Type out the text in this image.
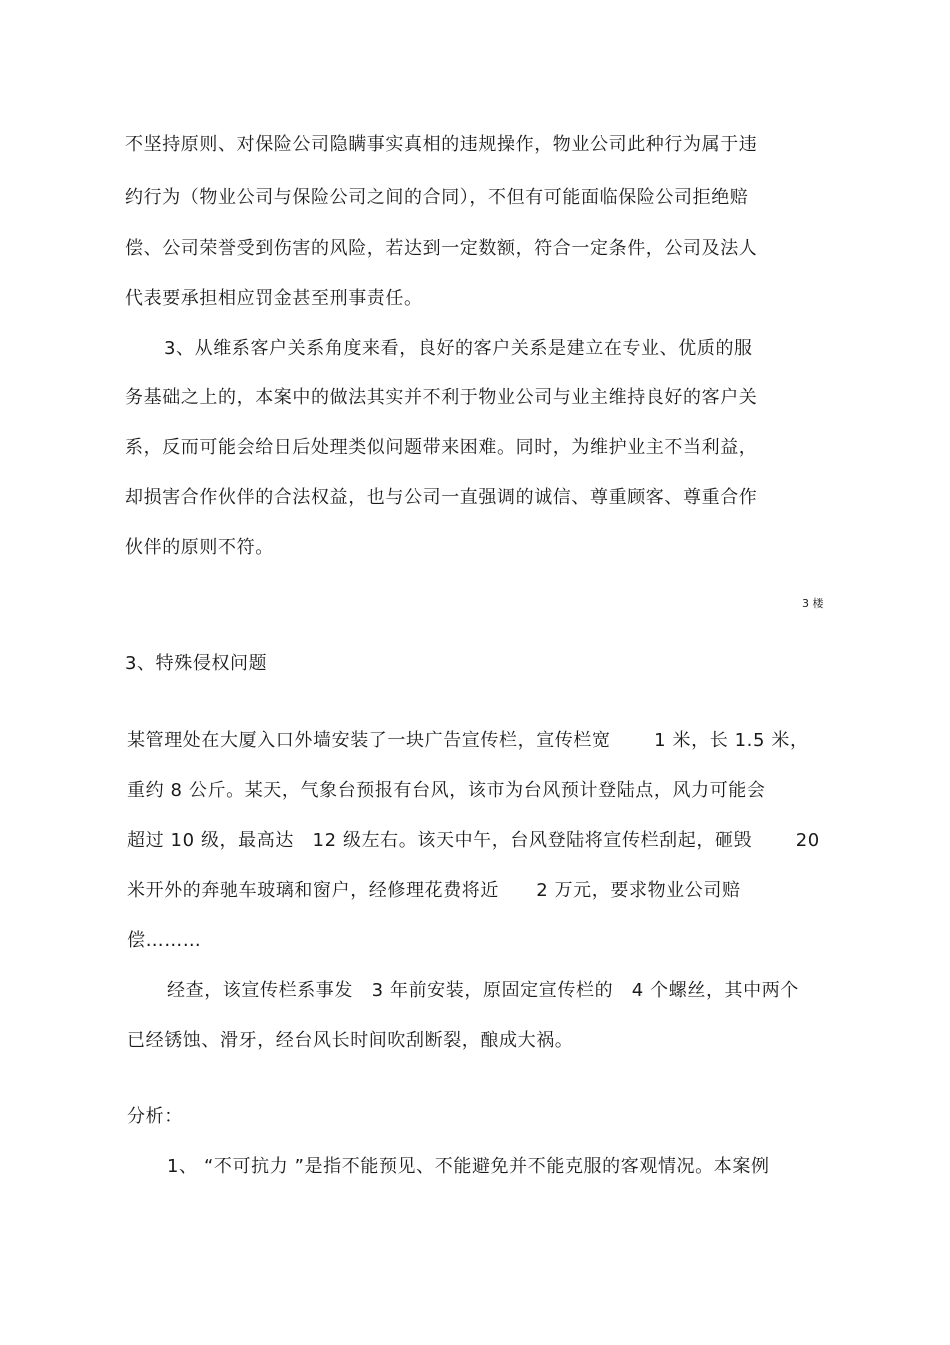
不坚持原则、对保险公司隐瞒事实真相的违规操作，物业公司此种行为属于违
约行为（物业公司与保险公司之间的合同），不但有可能面临保险公司拒绝赔
偿、公司荣誉受到伤害的风险，若达到一定数额，符合一定条件，公司及法人
代表要承担相应罚金甚至刑事责任。
3、从维系客户关系角度来看，良好的客户关系是建立在专业、优质的服
务基础之上的，本案中的做法其实并不利于物业公司与业主维持良好的客户关
系，反而可能会给日后处理类似问题带来困难。同时，为维护业主不当利益，
却损害合作伙伴的合法权益，也与公司一直强调的诚信、尊重顾客、尊重合作
伙伴的原则不符。
3 楼
3、特殊侵权问题
某管理处在大厦入口外墙安装了一块广告宣传栏，宣传栏宽　　 1 米，长 1.5 米，
重约 8 公斤。某天，气象台预报有台风，该市为台风预计登陆点，风力可能会
超过 10 级，最高达　12 级左右。该天中午，台风登陆将宣传栏刮起，砸毁　　 20
米开外的奔驰车玻璃和窗户，经修理花费将近　　2 万元，要求物业公司赔
偿………
经查，该宣传栏系事发　3 年前安装，原固定宣传栏的　4 个螺丝，其中两个
已经锈蚀、滑牙，经台风长时间吹刮断裂，酿成大祸。
分析：
1、 “不可抗力 ”是指不能预见、不能避免并不能克服的客观情况。本案例
